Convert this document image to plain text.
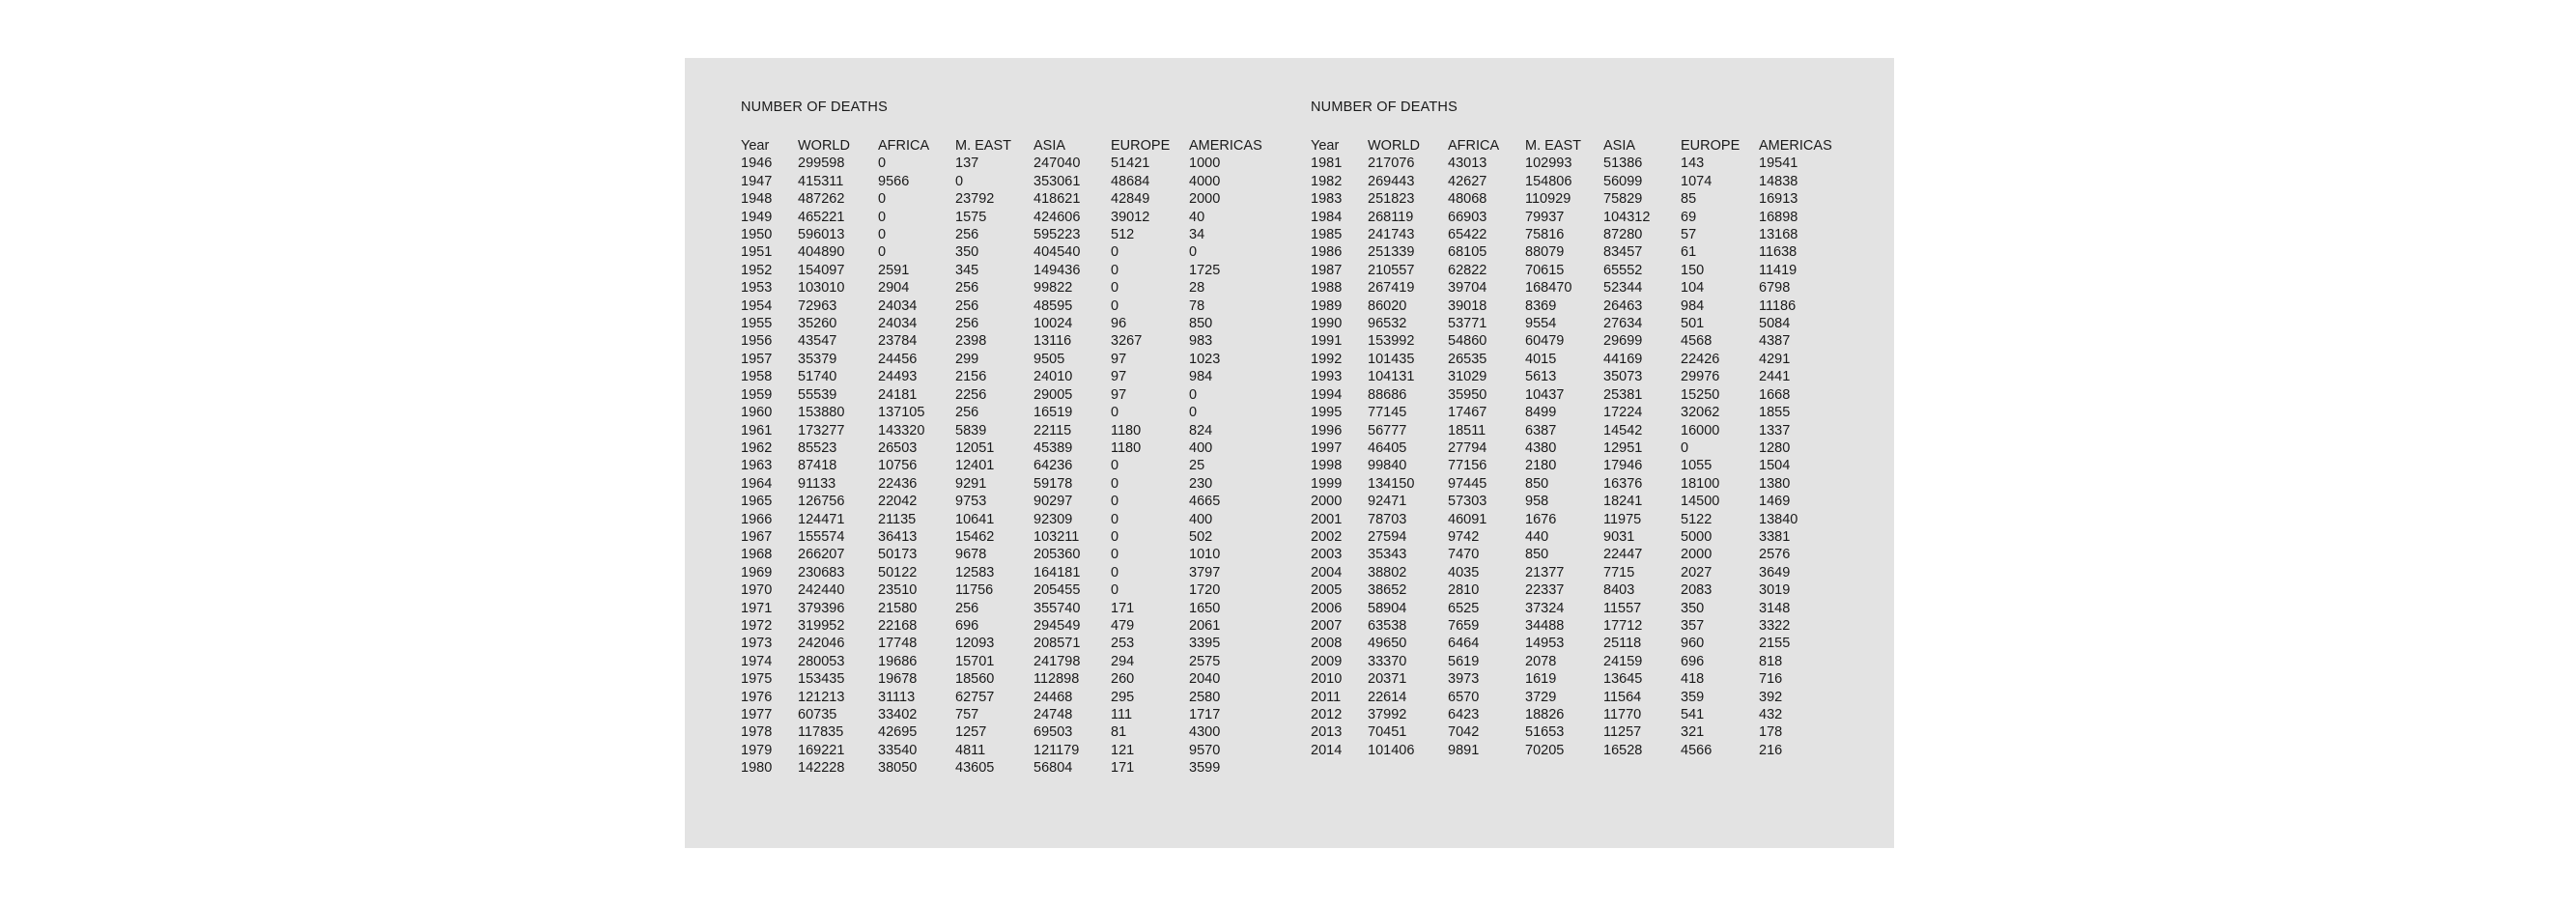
NUMBER OF DEATHS
Year	WORLD	AFRICA	M. EAST	ASIA	EUROPE	AMERICAS
1946	299598	0	137	247040	51421	1000
1947	415311	9566	0	353061	48684	4000
1948	487262	0	23792	418621	42849	2000
1949	465221	0	1575	424606	39012	40
1950	596013	0	256	595223	512	34
1951	404890	0	350	404540	0	0
1952	154097	2591	345	149436	0	1725
1953	103010	2904	256	99822	0	28
1954	72963	24034	256	48595	0	78
1955	35260	24034	256	10024	96	850
1956	43547	23784	2398	13116	3267	983
1957	35379	24456	299	9505	97	1023
1958	51740	24493	2156	24010	97	984
1959	55539	24181	2256	29005	97	0
1960	153880	137105	256	16519	0	0
1961	173277	143320	5839	22115	1180	824
1962	85523	26503	12051	45389	1180	400
1963	87418	10756	12401	64236	0	25
1964	91133	22436	9291	59178	0	230
1965	126756	22042	9753	90297	0	4665
1966	124471	21135	10641	92309	0	400
1967	155574	36413	15462	103211	0	502
1968	266207	50173	9678	205360	0	1010
1969	230683	50122	12583	164181	0	3797
1970	242440	23510	11756	205455	0	1720
1971	379396	21580	256	355740	171	1650
1972	319952	22168	696	294549	479	2061
1973	242046	17748	12093	208571	253	3395
1974	280053	19686	15701	241798	294	2575
1975	153435	19678	18560	112898	260	2040
1976	121213	31113	62757	24468	295	2580
1977	60735	33402	757	24748	111	1717
1978	117835	42695	1257	69503	81	4300
1979	169221	33540	4811	121179	121	9570
1980	142228	38050	43605	56804	171	3599
NUMBER OF DEATHS
Year	WORLD	AFRICA	M. EAST	ASIA	EUROPE	AMERICAS
1981	217076	43013	102993	51386	143	19541
1982	269443	42627	154806	56099	1074	14838
1983	251823	48068	110929	75829	85	16913
1984	268119	66903	79937	104312	69	16898
1985	241743	65422	75816	87280	57	13168
1986	251339	68105	88079	83457	61	11638
1987	210557	62822	70615	65552	150	11419
1988	267419	39704	168470	52344	104	6798
1989	86020	39018	8369	26463	984	11186
1990	96532	53771	9554	27634	501	5084
1991	153992	54860	60479	29699	4568	4387
1992	101435	26535	4015	44169	22426	4291
1993	104131	31029	5613	35073	29976	2441
1994	88686	35950	10437	25381	15250	1668
1995	77145	17467	8499	17224	32062	1855
1996	56777	18511	6387	14542	16000	1337
1997	46405	27794	4380	12951	0	1280
1998	99840	77156	2180	17946	1055	1504
1999	134150	97445	850	16376	18100	1380
2000	92471	57303	958	18241	14500	1469
2001	78703	46091	1676	11975	5122	13840
2002	27594	9742	440	9031	5000	3381
2003	35343	7470	850	22447	2000	2576
2004	38802	4035	21377	7715	2027	3649
2005	38652	2810	22337	8403	2083	3019
2006	58904	6525	37324	11557	350	3148
2007	63538	7659	34488	17712	357	3322
2008	49650	6464	14953	25118	960	2155
2009	33370	5619	2078	24159	696	818
2010	20371	3973	1619	13645	418	716
2011	22614	6570	3729	11564	359	392
2012	37992	6423	18826	11770	541	432
2013	70451	7042	51653	11257	321	178
2014	101406	9891	70205	16528	4566	216
